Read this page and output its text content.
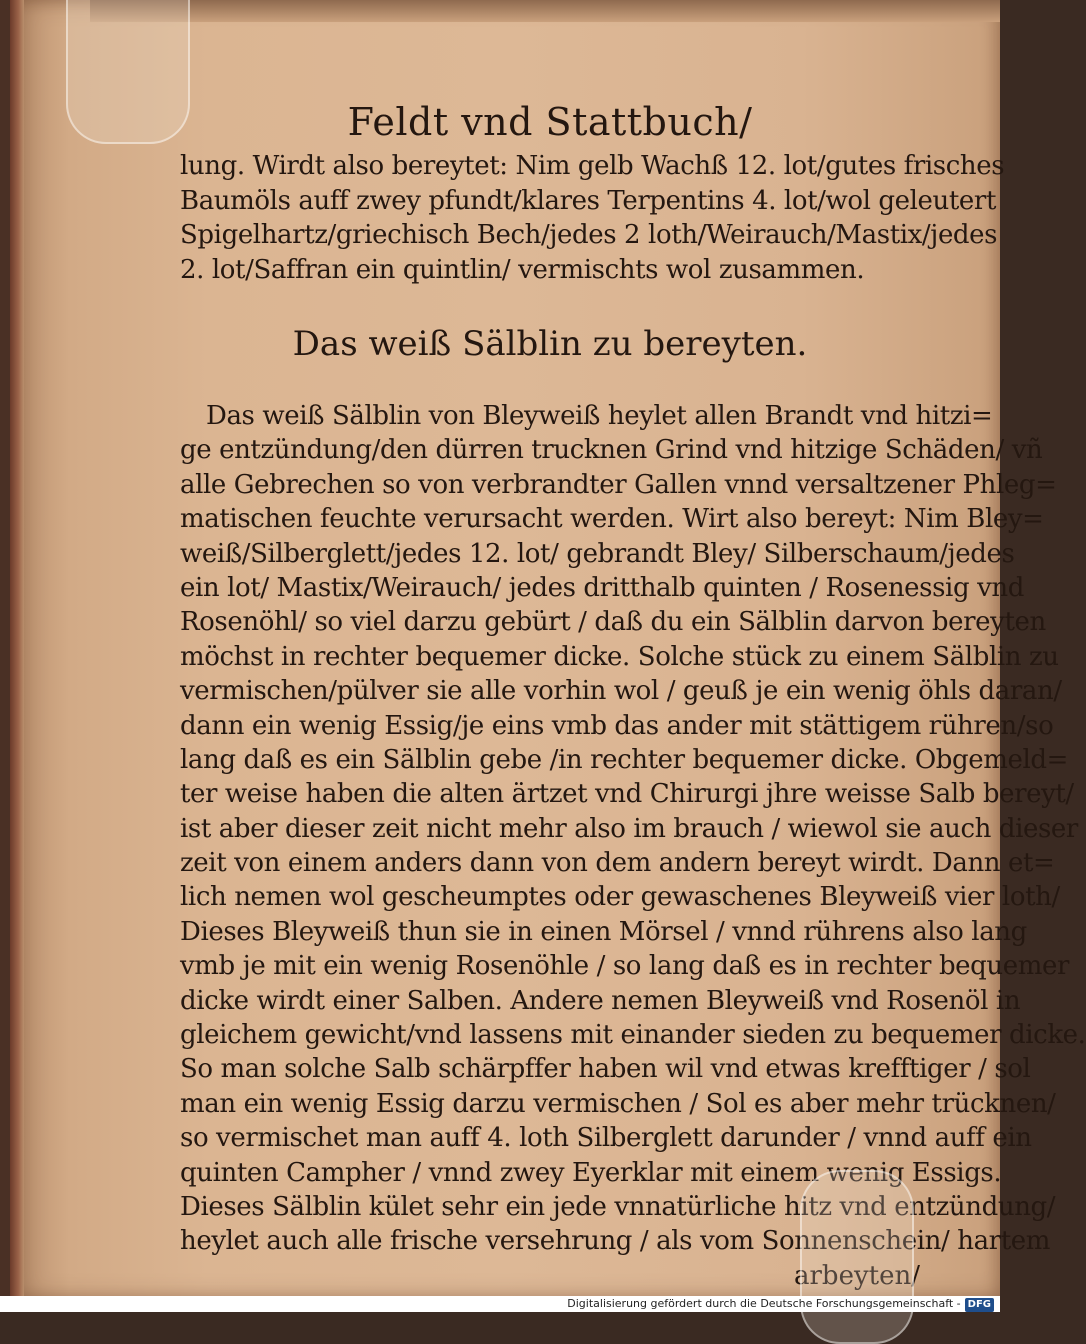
Feldt vnd Stattbuch/
lung. Wirdt also bereytet: Nim gelb Wachß 12. lot/gutes frisches
Baumöls auff zwey pfundt/klares Terpentins 4. lot/wol geleutert
Spigelhartz/griechisch Bech/jedes 2 loth/Weirauch/Mastix/jedes
2. lot/Saffran ein quintlin/ vermischts wol zusammen.
Das weiß Sälblin zu bereyten.
Das weiß Sälblin von Bleyweiß heylet allen Brandt vnd hitzi=
ge entzündung/den dürren trucknen Grind vnd hitzige Schäden/ vñ
alle Gebrechen so von verbrandter Gallen vnnd versaltzener Phleg=
matischen feuchte verursacht werden. Wirt also bereyt: Nim Bley=
weiß/Silberglett/jedes 12. lot/ gebrandt Bley/ Silberschaum/jedes
ein lot/ Mastix/Weirauch/ jedes dritthalb quinten / Rosenessig vnd
Rosenöhl/ so viel darzu gebürt / daß du ein Sälblin darvon bereyten
möchst in rechter bequemer dicke. Solche stück zu einem Sälblin zu
vermischen/pülver sie alle vorhin wol / geuß je ein wenig öhls daran/
dann ein wenig Essig/je eins vmb das ander mit stättigem rühren/so
lang daß es ein Sälblin gebe /in rechter bequemer dicke. Obgemeld=
ter weise haben die alten ärtzet vnd Chirurgi jhre weisse Salb bereyt/
ist aber dieser zeit nicht mehr also im brauch / wiewol sie auch dieser
zeit von einem anders dann von dem andern bereyt wirdt. Dann et=
lich nemen wol gescheumptes oder gewaschenes Bleyweiß vier loth/
Dieses Bleyweiß thun sie in einen Mörsel / vnnd rührens also lang
vmb je mit ein wenig Rosenöhle / so lang daß es in rechter bequemer
dicke wirdt einer Salben. Andere nemen Bleyweiß vnd Rosenöl in
gleichem gewicht/vnd lassens mit einander sieden zu bequemer dicke.
So man solche Salb schärpffer haben wil vnd etwas krefftiger / sol
man ein wenig Essig darzu vermischen / Sol es aber mehr trücknen/
so vermischet man auff 4. loth Silberglett darunder / vnnd auff ein
quinten Campher / vnnd zwey Eyerklar mit einem wenig Essigs.
Dieses Sälblin kület sehr ein jede vnnatürliche hitz vnd entzündung/
heylet auch alle frische versehrung / als vom Sonnenschein/ hartem
arbeyten/
Digitalisierung gefördert durch die Deutsche Forschungsgemeinschaft - DFG
